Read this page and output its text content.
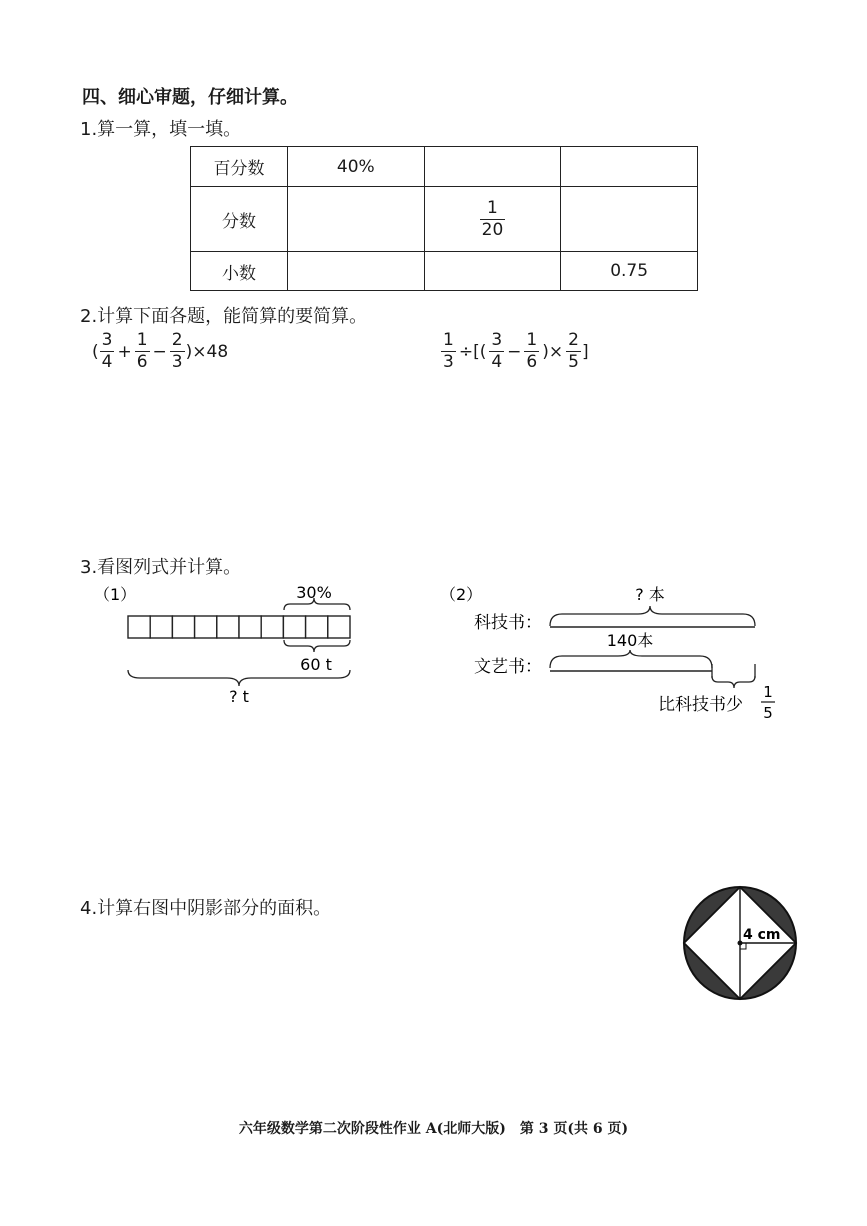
四、细心审题，仔细计算。
1.算一算，填一填。
百分数	40%		
分数		$\frac{1}{20}$

小数			0.75
2.计算下面各题，能简算的要简算。
( $\frac{3}{4} + \frac{1}{6} - \frac{2}{3} )\times 48$	$\frac{1}{3}$ ÷[( $\frac{3}{4} - \frac{1}{6}$ )× $\frac{2}{5}$ ]
3.看图列式并计算。
（1）	30%
60 t
? t
（2）	? 本
科技书：
140本
文艺书：
比科技书少
1
5
4.计算右图中阴影部分的面积。
4 cm
六年级数学第二次阶段性作业 A(北师大版)　第 3 页(共 6 页)
